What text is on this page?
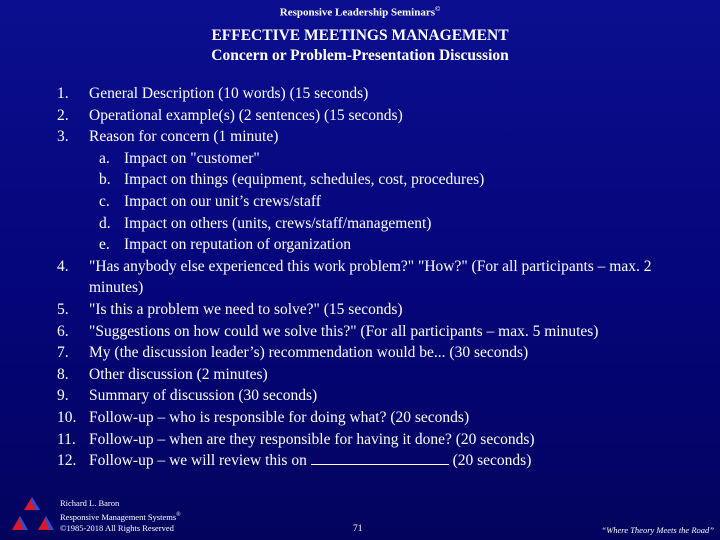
Responsive Leadership Seminars©
EFFECTIVE MEETINGS MANAGEMENT
Concern or Problem-Presentation Discussion
1.	General Description (10 words) (15 seconds)
2.	Operational example(s) (2 sentences) (15 seconds)
3.	Reason for concern (1 minute)
a. Impact on "customer"
b. Impact on things (equipment, schedules, cost, procedures)
c. Impact on our unit’s crews/staff
d. Impact on others (units, crews/staff/management)
e. Impact on reputation of organization
4.	"Has anybody else experienced this work problem?" "How?" (For all participants – max. 2 minutes)
5.	"Is this a problem we need to solve?" (15 seconds)
6.	"Suggestions on how could we solve this?" (For all participants – max. 5 minutes)
7.	My (the discussion leader’s) recommendation would be... (30 seconds)
8.	Other discussion (2 minutes)
9.	Summary of discussion (30 seconds)
10. Follow-up – who is responsible for doing what? (20 seconds)
11. Follow-up – when are they responsible for having it done? (20 seconds)
12. Follow-up – we will review this on	(20 seconds)
Richard L. Baron
Responsive Management Systems®
©1985-2018 All Rights Reserved	71	“Where Theory Meets the Road”
